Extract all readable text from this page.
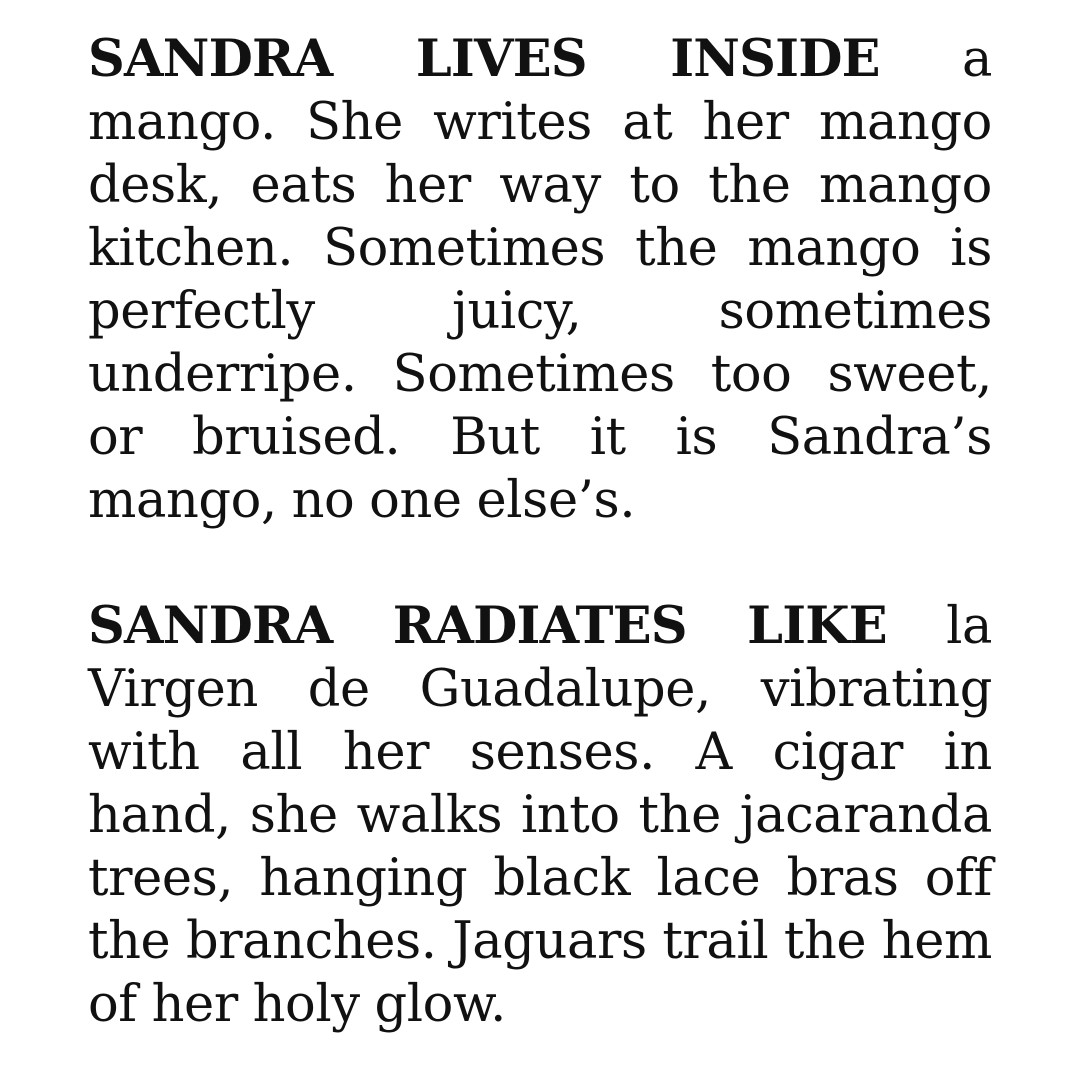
SANDRA LIVES INSIDE a mango. She writes at her mango desk, eats her way to the mango kitchen. Sometimes the mango is perfectly juicy, sometimes underripe. Sometimes too sweet, or bruised. But it is Sandra’s mango, no one else’s.

SANDRA RADIATES LIKE la Virgen de Guadalupe, vibrating with all her senses. A cigar in hand, she walks into the jacaranda trees, hanging black lace bras off the branches. Jaguars trail the hem of her holy glow.
